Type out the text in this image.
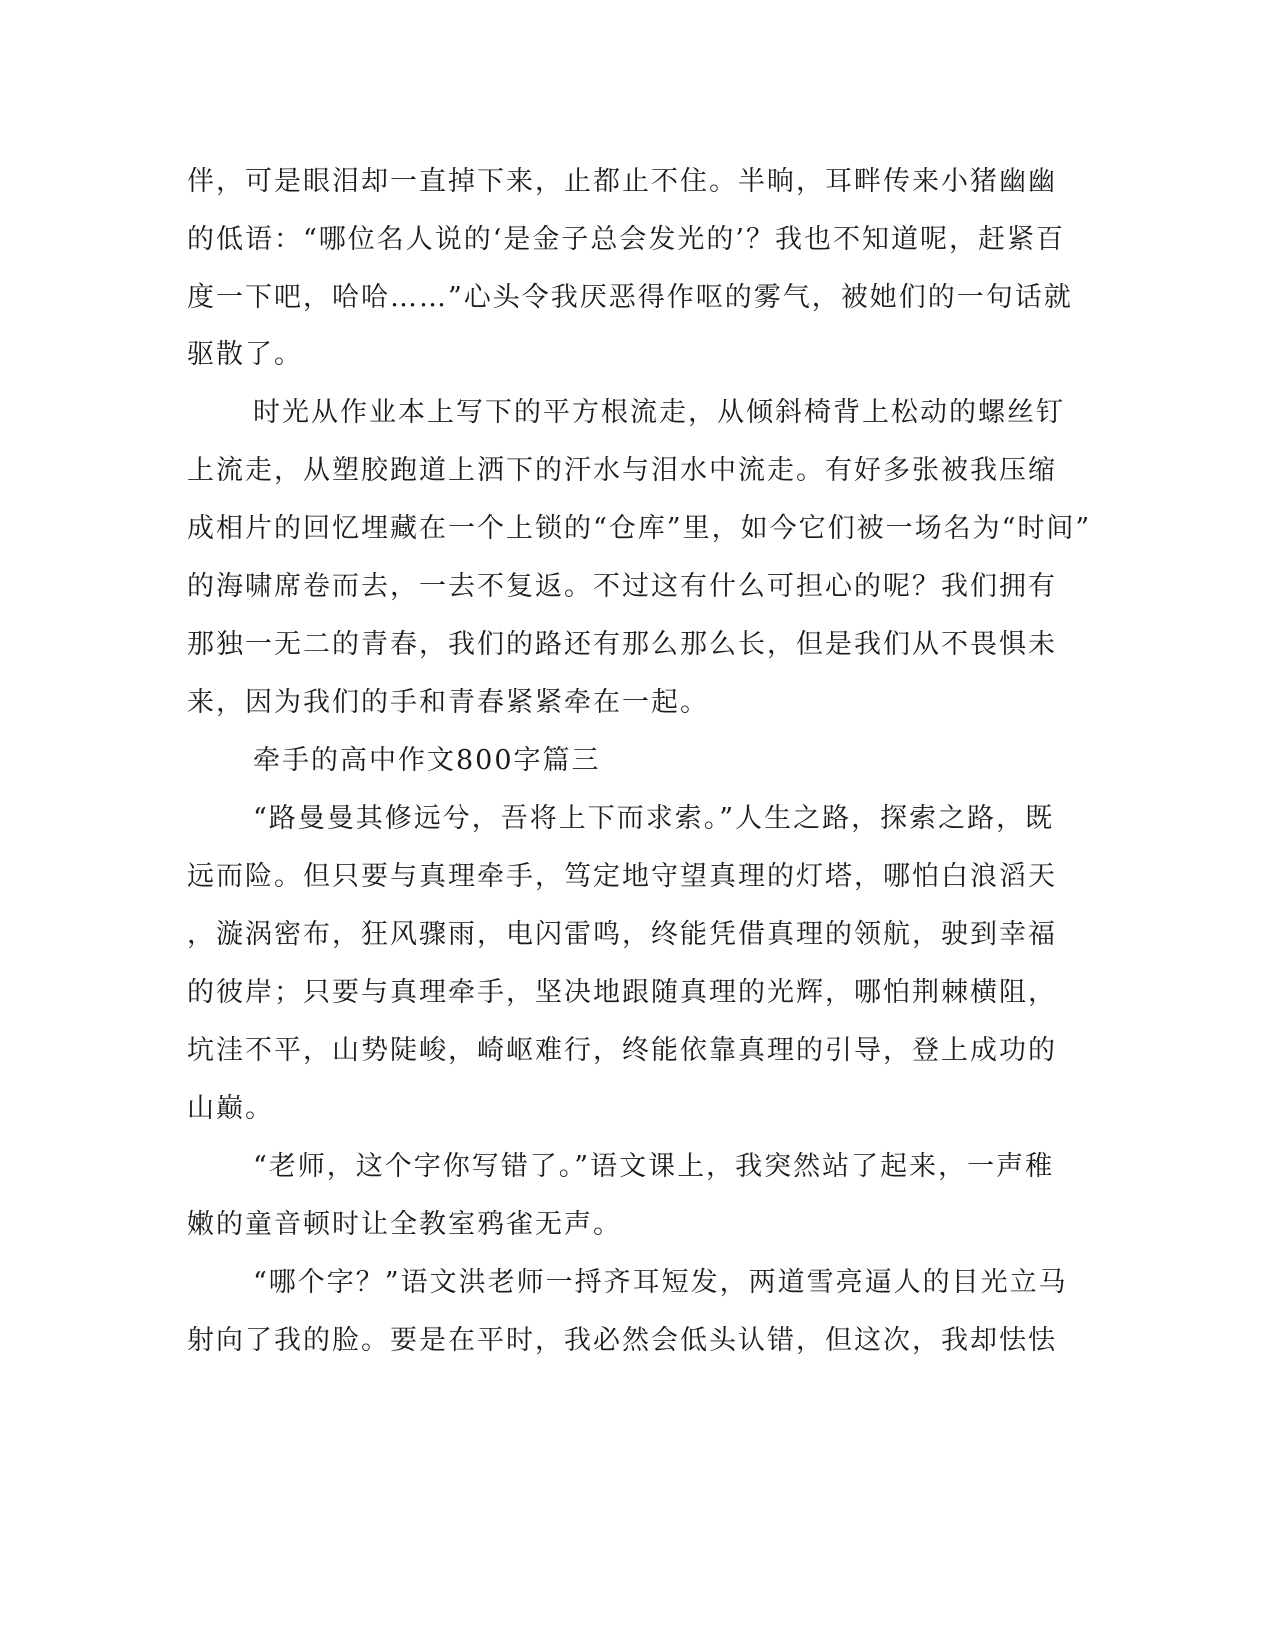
伴，可是眼泪却一直掉下来，止都止不住。半晌，耳畔传来小猪幽幽

的低语：“哪位名人说的‘是金子总会发光的’？我也不知道呢，赶紧百

度一下吧，哈哈……”心头令我厌恶得作呕的雾气，被她们的一句话就

驱散了。

时光从作业本上写下的平方根流走，从倾斜椅背上松动的螺丝钉

上流走，从塑胶跑道上洒下的汗水与泪水中流走。有好多张被我压缩

成相片的回忆埋藏在一个上锁的“仓库”里，如今它们被一场名为“时间”

的海啸席卷而去，一去不复返。不过这有什么可担心的呢？我们拥有

那独一无二的青春，我们的路还有那么那么长，但是我们从不畏惧未

来，因为我们的手和青春紧紧牵在一起。

牵手的高中作文800字篇三

“路曼曼其修远兮，吾将上下而求索。”人生之路，探索之路，既

远而险。但只要与真理牵手，笃定地守望真理的灯塔，哪怕白浪滔天

，漩涡密布，狂风骤雨，电闪雷鸣，终能凭借真理的领航，驶到幸福

的彼岸；只要与真理牵手，坚决地跟随真理的光辉，哪怕荆棘横阻，

坑洼不平，山势陡峻，崎岖难行，终能依靠真理的引导，登上成功的

山巅。

“老师，这个字你写错了。”语文课上，我突然站了起来，一声稚

嫩的童音顿时让全教室鸦雀无声。

“哪个字？”语文洪老师一捋齐耳短发，两道雪亮逼人的目光立马

射向了我的脸。要是在平时，我必然会低头认错，但这次，我却怯怯
